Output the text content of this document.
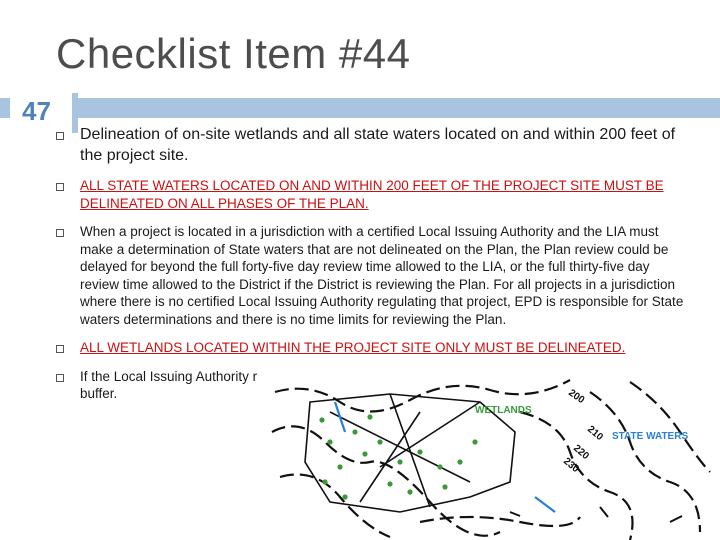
Checklist Item #44
47
Delineation of on-site wetlands and all state waters located on and within 200 feet of the project site.
ALL STATE WATERS LOCATED ON AND WITHIN 200 FEET OF THE PROJECT SITE MUST BE DELINEATED ON ALL PHASES OF THE PLAN.
When a project is located in a jurisdiction with a certified Local Issuing Authority and the LIA must make a determination of State waters that are not delineated on the Plan, the Plan review could be delayed for beyond the full forty-five day review time allowed to the LIA, or the full thirty-five day review time allowed to the District if the District is reviewing the Plan. For all projects in a jurisdiction where there is no certified Local Issuing Authority regulating that project, EPD is responsible for State waters determinations and there is no time limits for reviewing the Plan.
ALL WETLANDS LOCATED WITHIN THE PROJECT SITE ONLY MUST BE DELINEATED.
If the Local Issuing Authority r
buffer.
WETLANDS
STATE WATERS
200
210
220
230
